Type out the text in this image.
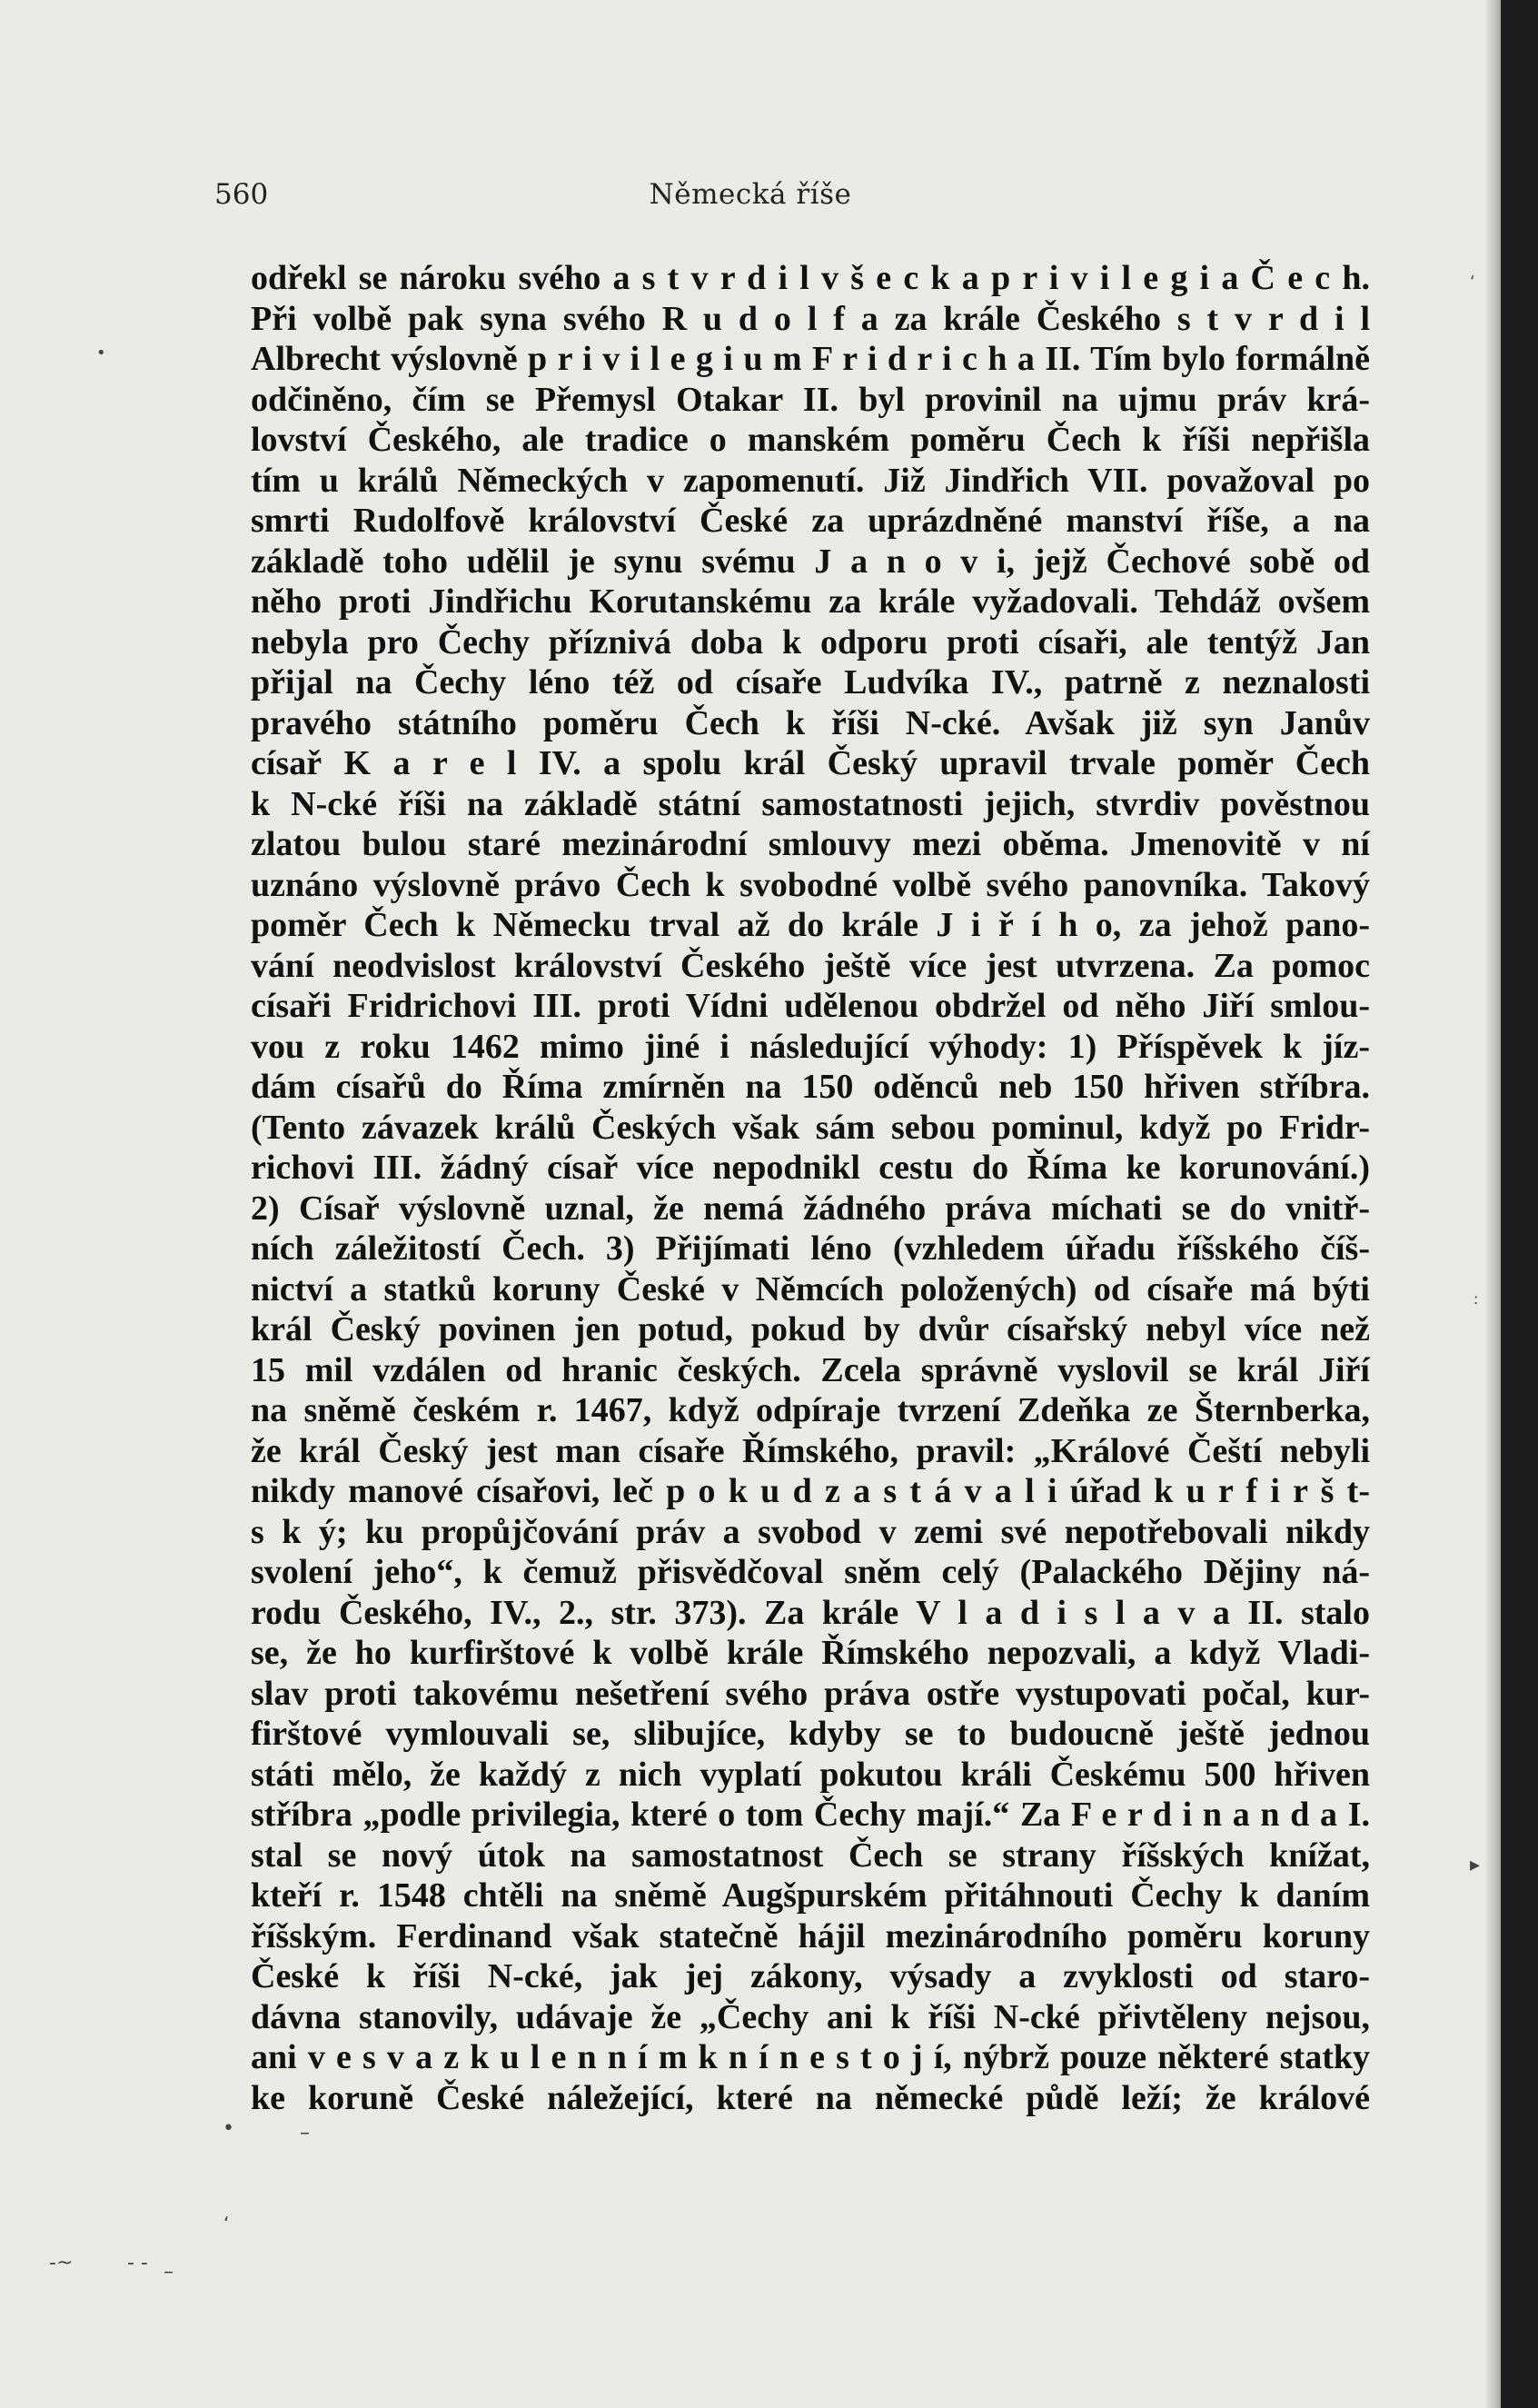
560	Německá říše
odřekl se nároku svého a s t v r d i l v š e c k a p r i v i l e g i a Č e c h.
Při volbě pak syna svého R u d o l f a za krále Českého s t v r d i l
Albrecht výslovně p r i v i l e g i u m F r i d r i c h a II. Tím bylo formálně
odčiněno, čím se Přemysl Otakar II. byl provinil na ujmu práv krá-
lovství Českého, ale tradice o manském poměru Čech k říši nepřišla
tím u králů Německých v zapomenutí. Již Jindřich VII. považoval po
smrti Rudolfově království České za uprázdněné manství říše, a na
základě toho udělil je synu svému J a n o v i, jejž Čechové sobě od
něho proti Jindřichu Korutanskému za krále vyžadovali. Tehdáž ovšem
nebyla pro Čechy příznivá doba k odporu proti císaři, ale tentýž Jan
přijal na Čechy léno též od císaře Ludvíka IV., patrně z neznalosti
pravého státního poměru Čech k říši N-cké. Avšak již syn Janův
císař K a r e l IV. a spolu král Český upravil trvale poměr Čech
k N-cké říši na základě státní samostatnosti jejich, stvrdiv pověstnou
zlatou bulou staré mezinárodní smlouvy mezi oběma. Jmenovitě v ní
uznáno výslovně právo Čech k svobodné volbě svého panovníka. Takový
poměr Čech k Německu trval až do krále J i ř í h o, za jehož pano-
vání neodvislost království Českého ještě více jest utvrzena. Za pomoc
císaři Fridrichovi III. proti Vídni udělenou obdržel od něho Jiří smlou-
vou z roku 1462 mimo jiné i následující výhody: 1) Příspěvek k jíz-
dám císařů do Říma zmírněn na 150 oděnců neb 150 hřiven stříbra.
(Tento závazek králů Českých však sám sebou pominul, když po Fridr-
richovi III. žádný císař více nepodnikl cestu do Říma ke korunování.)
2) Císař výslovně uznal, že nemá žádného práva míchati se do vnitř-
ních záležitostí Čech. 3) Přijímati léno (vzhledem úřadu říšského číš-
nictví a statků koruny České v Němcích položených) od císaře má býti
král Český povinen jen potud, pokud by dvůr císařský nebyl více než
15 mil vzdálen od hranic českých. Zcela správně vyslovil se král Jiří
na sněmě českém r. 1467, když odpíraje tvrzení Zdeňka ze Šternberka,
že král Český jest man císaře Římského, pravil: „Králové Čeští nebyli
nikdy manové císařovi, leč p o k u d z a s t á v a l i úřad k u r f i r š t-
s k ý; ku propůjčování práv a svobod v zemi své nepotřebovali nikdy
svolení jeho“, k čemuž přisvědčoval sněm celý (Palackého Dějiny ná-
rodu Českého, IV., 2., str. 373). Za krále V l a d i s l a v a II. stalo
se, že ho kurfirštové k volbě krále Římského nepozvali, a když Vladi-
slav proti takovému nešetření svého práva ostře vystupovati počal, kur-
firštové vymlouvali se, slibujíce, kdyby se to budoucně ještě jednou
státi mělo, že každý z nich vyplatí pokutou králi Českému 500 hřiven
stříbra „podle privilegia, které o tom Čechy mají.“ Za F e r d i n a n d a I.
stal se nový útok na samostatnost Čech se strany říšských knížat,
kteří r. 1548 chtěli na sněmě Augšpurském přitáhnouti Čechy k daním
říšským. Ferdinand však statečně hájil mezinárodního poměru koruny
České k říši N-cké, jak jej zákony, výsady a zvyklosti od staro-
dávna stanovily, udávaje že „Čechy ani k říši N-cké přivtěleny nejsou,
ani v e s v a z k u l e n n í m k n í n e s t o j í, nýbrž pouze některé statky
ke koruně České náležející, které na německé půdě leží; že králové
•
‘
:
▸
•	–
‘
‑~	- - –
